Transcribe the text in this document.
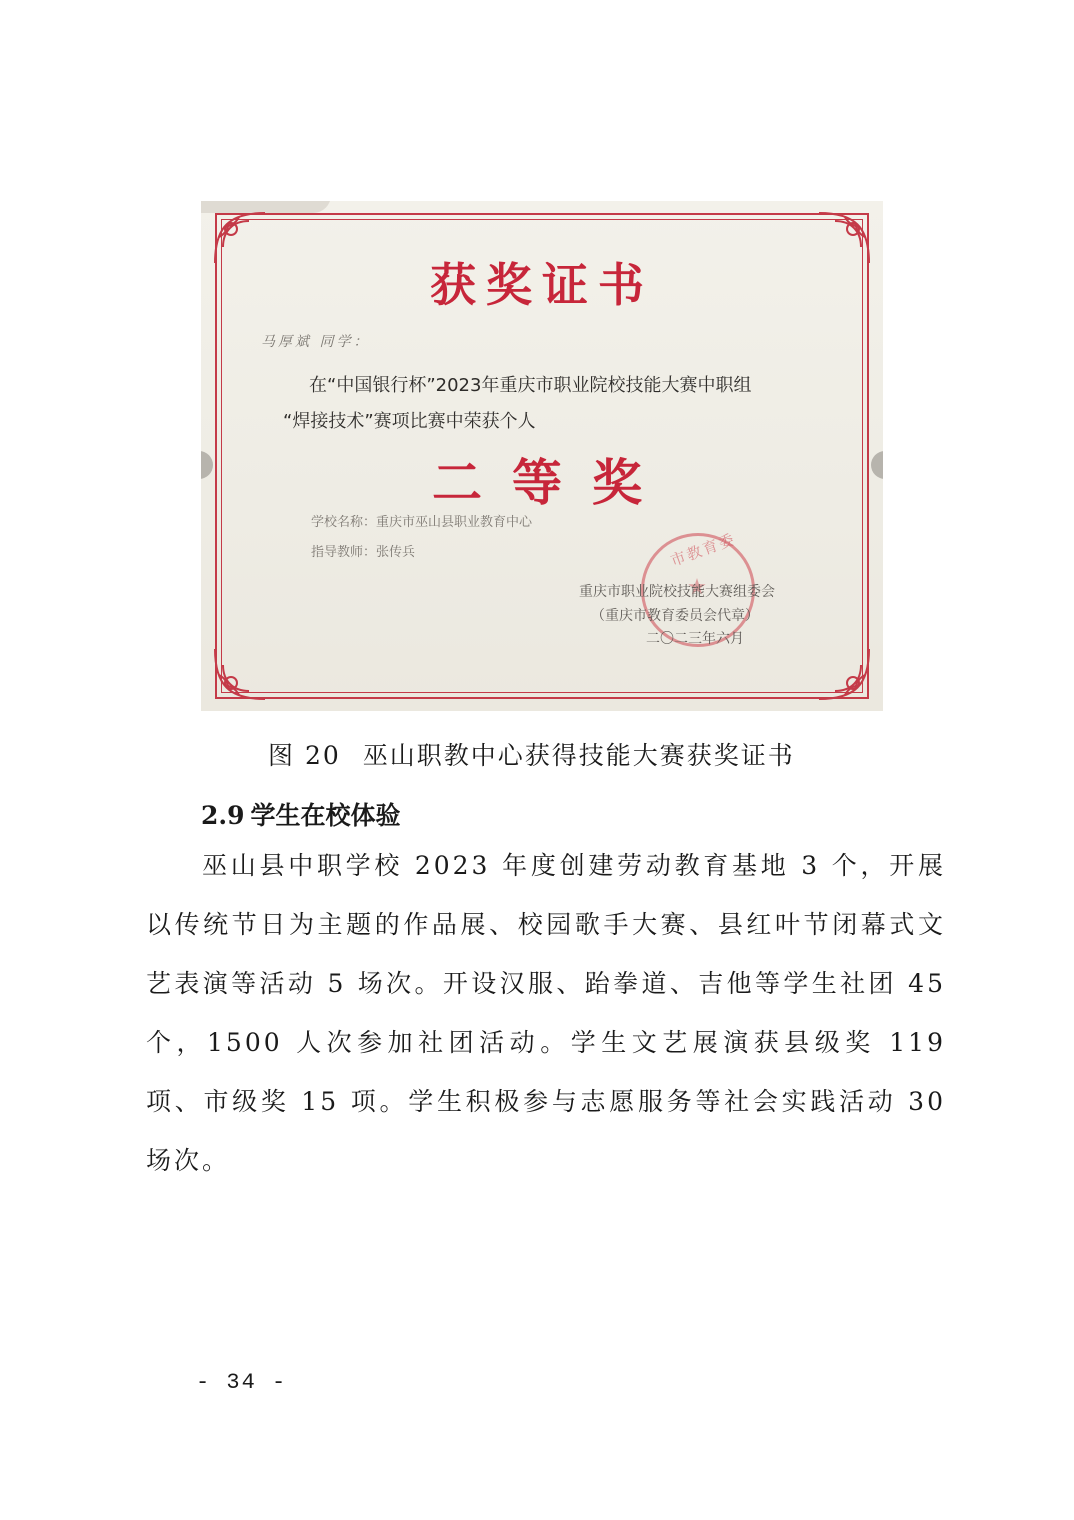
获奖证书
马厚斌 同学：
在“中国银行杯”2023年重庆市职业院校技能大赛中职组
“焊接技术”赛项比赛中荣获个人
二等奖
学校名称：重庆市巫山县职业教育中心
指导教师：张传兵	市教育委
重庆市职业院校技能大赛组委会
（重庆市教育委员会代章）
二〇二三年六月
图 20 巫山职教中心获得技能大赛获奖证书
2.9 学生在校体验
巫山县中职学校 2023 年度创建劳动教育基地 3 个，开展以传统节日为主题的作品展、校园歌手大赛、县红叶节闭幕式文艺表演等活动 5 场次。开设汉服、跆拳道、吉他等学生社团 45 个，1500 人次参加社团活动。学生文艺展演获县级奖 119 项、市级奖 15 项。学生积极参与志愿服务等社会实践活动 30 场次。
- 34 -
